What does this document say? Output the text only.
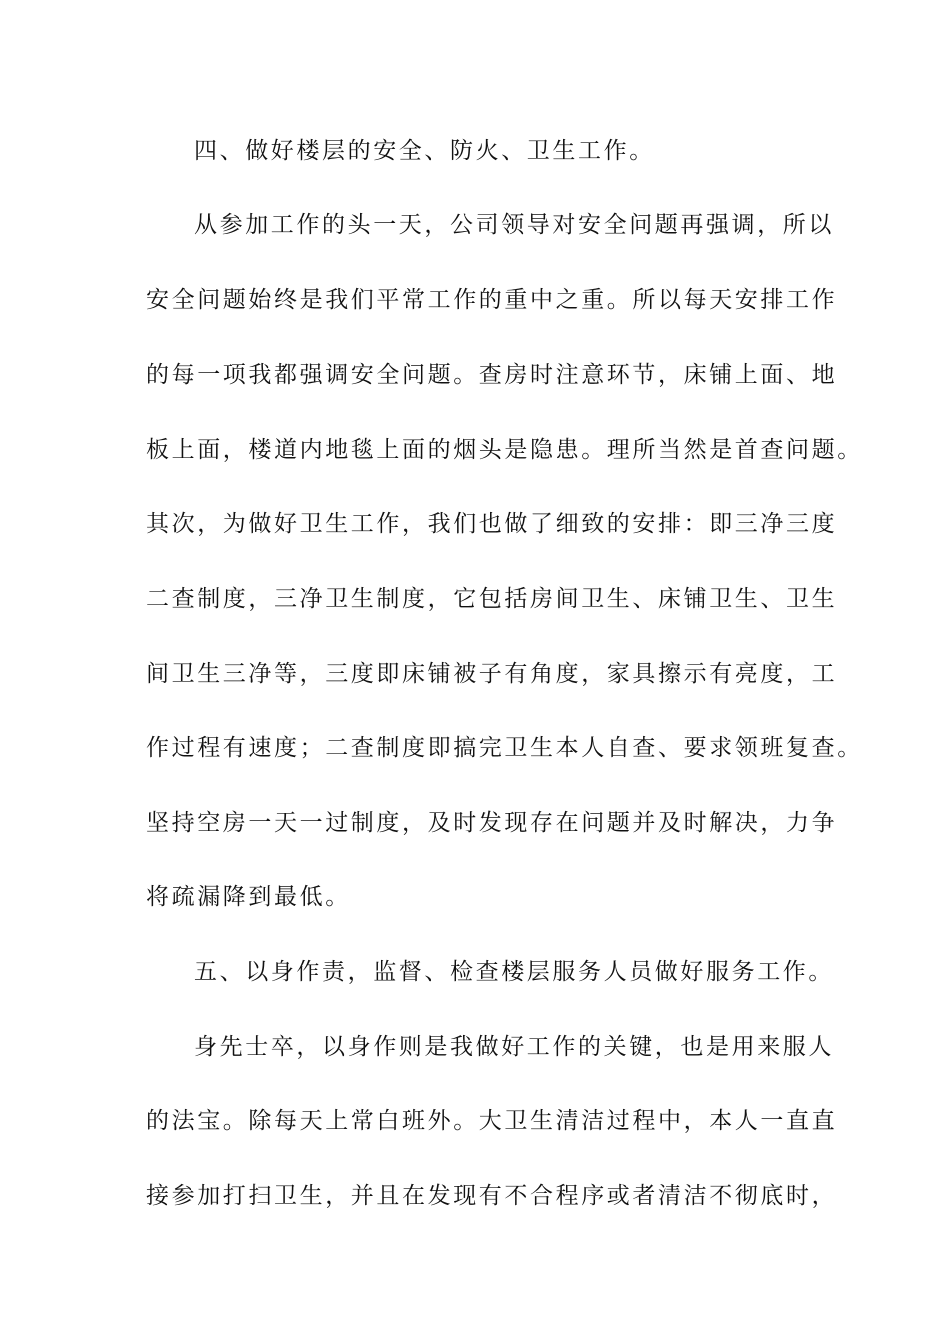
四、做好楼层的安全、防火、卫生工作。
从参加工作的头一天，公司领导对安全问题再强调，所以
安全问题始终是我们平常工作的重中之重。所以每天安排工作
的每一项我都强调安全问题。查房时注意环节，床铺上面、地
板上面，楼道内地毯上面的烟头是隐患。理所当然是首查问题。
其次，为做好卫生工作，我们也做了细致的安排：即三净三度
二查制度，三净卫生制度，它包括房间卫生、床铺卫生、卫生
间卫生三净等，三度即床铺被子有角度，家具擦示有亮度，工
作过程有速度；二查制度即搞完卫生本人自查、要求领班复查。
坚持空房一天一过制度，及时发现存在问题并及时解决，力争
将疏漏降到最低。
五、以身作责，监督、检查楼层服务人员做好服务工作。
身先士卒，以身作则是我做好工作的关键，也是用来服人
的法宝。除每天上常白班外。大卫生清洁过程中，本人一直直
接参加打扫卫生，并且在发现有不合程序或者清洁不彻底时，
